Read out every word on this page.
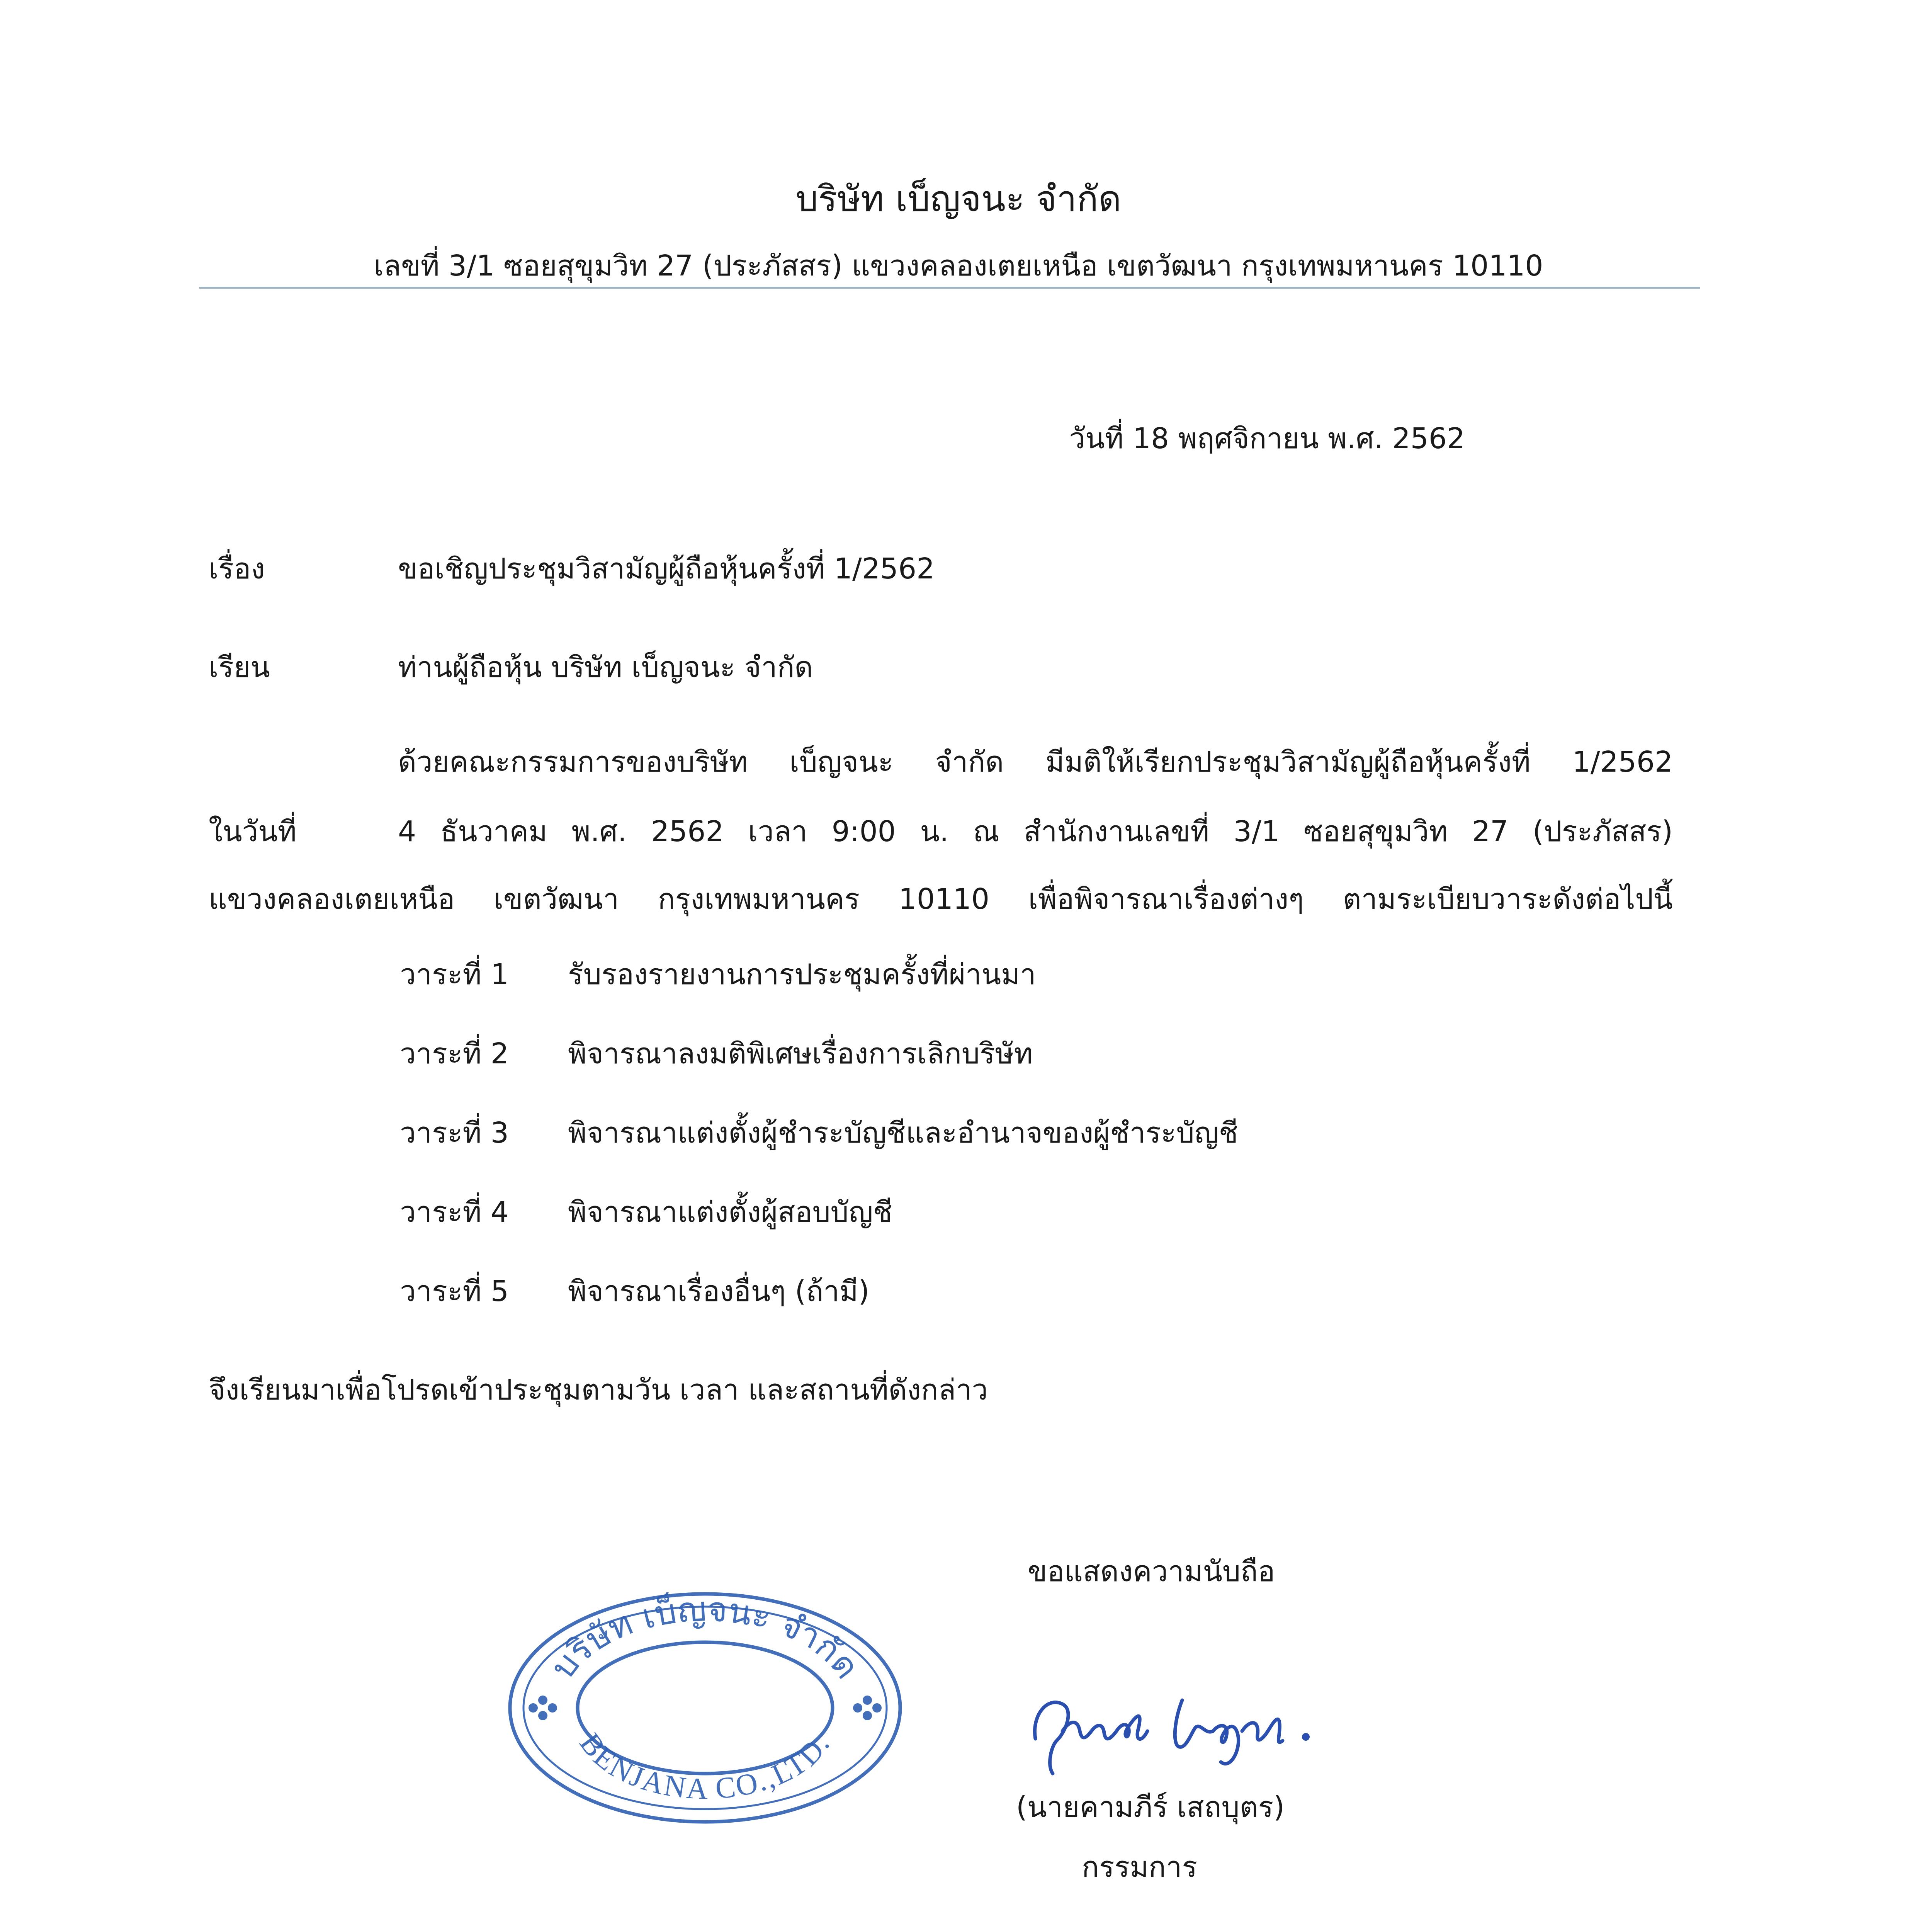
บริษัท เบ็ญจนะ จำกัด
เลขที่ 3/1 ซอยสุขุมวิท 27 (ประภัสสร) แขวงคลองเตยเหนือ เขตวัฒนา กรุงเทพมหานคร 10110
วันที่ 18 พฤศจิกายน พ.ศ. 2562
เรื่อง	ขอเชิญประชุมวิสามัญผู้ถือหุ้นครั้งที่ 1/2562
เรียน	ท่านผู้ถือหุ้น บริษัท เบ็ญจนะ จำกัด
ด้วยคณะกรรมการของบริษัท เบ็ญจนะ จำกัด มีมติให้เรียกประชุมวิสามัญผู้ถือหุ้นครั้งที่ 1/2562
ในวันที่	4 ธันวาคม พ.ศ. 2562 เวลา 9:00 น. ณ สำนักงานเลขที่ 3/1 ซอยสุขุมวิท 27 (ประภัสสร)
แขวงคลองเตยเหนือ เขตวัฒนา กรุงเทพมหานคร 10110 เพื่อพิจารณาเรื่องต่างๆ ตามระเบียบวาระดังต่อไปนี้
วาระที่ 1 รับรองรายงานการประชุมครั้งที่ผ่านมา
วาระที่ 2 พิจารณาลงมติพิเศษเรื่องการเลิกบริษัท
วาระที่ 3 พิจารณาแต่งตั้งผู้ชำระบัญชีและอำนาจของผู้ชำระบัญชี
วาระที่ 4 พิจารณาแต่งตั้งผู้สอบบัญชี
วาระที่ 5 พิจารณาเรื่องอื่นๆ (ถ้ามี)
จึงเรียนมาเพื่อโปรดเข้าประชุมตามวัน เวลา และสถานที่ดังกล่าว
ขอแสดงความนับถือ
บริษัท เบ็ญจนะ จำกัด
BENJANA CO.,LTD.
(นายคามภีร์ เสถบุตร)
กรรมการ
